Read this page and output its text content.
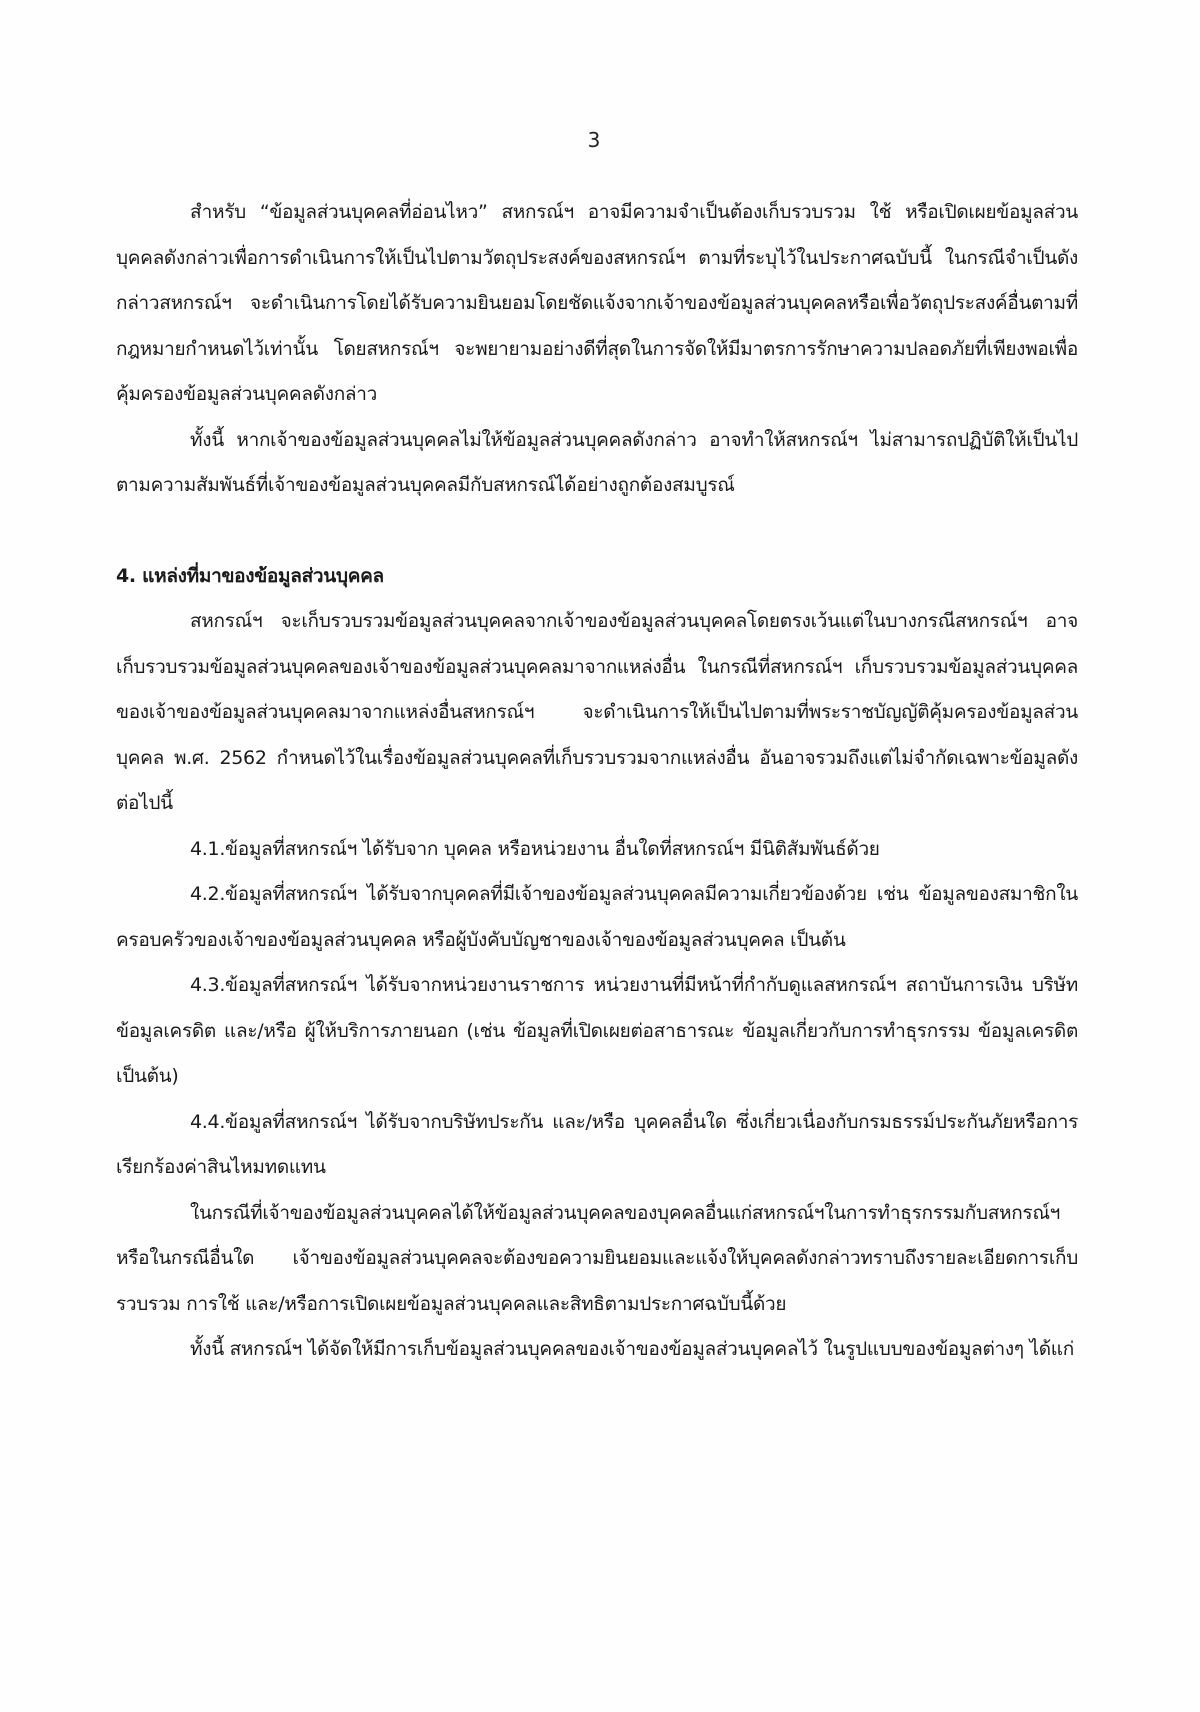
3

สำหรับ “ข้อมูลส่วนบุคคลที่อ่อนไหว” สหกรณ์ฯ อาจมีความจำเป็นต้องเก็บรวบรวม ใช้ หรือเปิดเผยข้อมูลส่วนบุคคลดังกล่าวเพื่อการดำเนินการให้เป็นไปตามวัตถุประสงค์ของสหกรณ์ฯ ตามที่ระบุไว้ในประกาศฉบับนี้ ในกรณีจำเป็นดังกล่าวสหกรณ์ฯ จะดำเนินการโดยได้รับความยินยอมโดยชัดแจ้งจากเจ้าของข้อมูลส่วนบุคคลหรือเพื่อวัตถุประสงค์อื่นตามที่กฎหมายกำหนดไว้เท่านั้น โดยสหกรณ์ฯ จะพยายามอย่างดีที่สุดในการจัดให้มีมาตรการรักษาความปลอดภัยที่เพียงพอเพื่อคุ้มครองข้อมูลส่วนบุคคลดังกล่าว

ทั้งนี้ หากเจ้าของข้อมูลส่วนบุคคลไม่ให้ข้อมูลส่วนบุคคลดังกล่าว อาจทำให้สหกรณ์ฯ ไม่สามารถปฏิบัติให้เป็นไปตามความสัมพันธ์ที่เจ้าของข้อมูลส่วนบุคคลมีกับสหกรณ์ได้อย่างถูกต้องสมบูรณ์

4. แหล่งที่มาของข้อมูลส่วนบุคคล

สหกรณ์ฯ จะเก็บรวบรวมข้อมูลส่วนบุคคลจากเจ้าของข้อมูลส่วนบุคคลโดยตรงเว้นแต่ในบางกรณีสหกรณ์ฯ อาจเก็บรวบรวมข้อมูลส่วนบุคคลของเจ้าของข้อมูลส่วนบุคคลมาจากแหล่งอื่น ในกรณีที่สหกรณ์ฯ เก็บรวบรวมข้อมูลส่วนบุคคลของเจ้าของข้อมูลส่วนบุคคลมาจากแหล่งอื่นสหกรณ์ฯ จะดำเนินการให้เป็นไปตามที่พระราชบัญญัติคุ้มครองข้อมูลส่วนบุคคล พ.ศ. 2562 กำหนดไว้ในเรื่องข้อมูลส่วนบุคคลที่เก็บรวบรวมจากแหล่งอื่น อันอาจรวมถึงแต่ไม่จำกัดเฉพาะข้อมูลดังต่อไปนี้

4.1.ข้อมูลที่สหกรณ์ฯ ได้รับจาก บุคคล หรือหน่วยงาน อื่นใดที่สหกรณ์ฯ มีนิติสัมพันธ์ด้วย

4.2.ข้อมูลที่สหกรณ์ฯ ได้รับจากบุคคลที่มีเจ้าของข้อมูลส่วนบุคคลมีความเกี่ยวข้องด้วย เช่น ข้อมูลของสมาชิกในครอบครัวของเจ้าของข้อมูลส่วนบุคคล หรือผู้บังคับบัญชาของเจ้าของข้อมูลส่วนบุคคล เป็นต้น

4.3.ข้อมูลที่สหกรณ์ฯ ได้รับจากหน่วยงานราชการ หน่วยงานที่มีหน้าที่กำกับดูแลสหกรณ์ฯ สถาบันการเงิน บริษัทข้อมูลเครดิต และ/หรือ ผู้ให้บริการภายนอก (เช่น ข้อมูลที่เปิดเผยต่อสาธารณะ ข้อมูลเกี่ยวกับการทำธุรกรรม ข้อมูลเครดิต เป็นต้น)

4.4.ข้อมูลที่สหกรณ์ฯ ได้รับจากบริษัทประกัน และ/หรือ บุคคลอื่นใด ซึ่งเกี่ยวเนื่องกับกรมธรรม์ประกันภัยหรือการเรียกร้องค่าสินไหมทดแทน

ในกรณีที่เจ้าของข้อมูลส่วนบุคคลได้ให้ข้อมูลส่วนบุคคลของบุคคลอื่นแก่สหกรณ์ฯในการทำธุรกรรมกับสหกรณ์ฯ หรือในกรณีอื่นใด เจ้าของข้อมูลส่วนบุคคลจะต้องขอความยินยอมและแจ้งให้บุคคลดังกล่าวทราบถึงรายละเอียดการเก็บรวบรวม การใช้ และ/หรือการเปิดเผยข้อมูลส่วนบุคคลและสิทธิตามประกาศฉบับนี้ด้วย

ทั้งนี้ สหกรณ์ฯ ได้จัดให้มีการเก็บข้อมูลส่วนบุคคลของเจ้าของข้อมูลส่วนบุคคลไว้ ในรูปแบบของข้อมูลต่างๆ ได้แก่
